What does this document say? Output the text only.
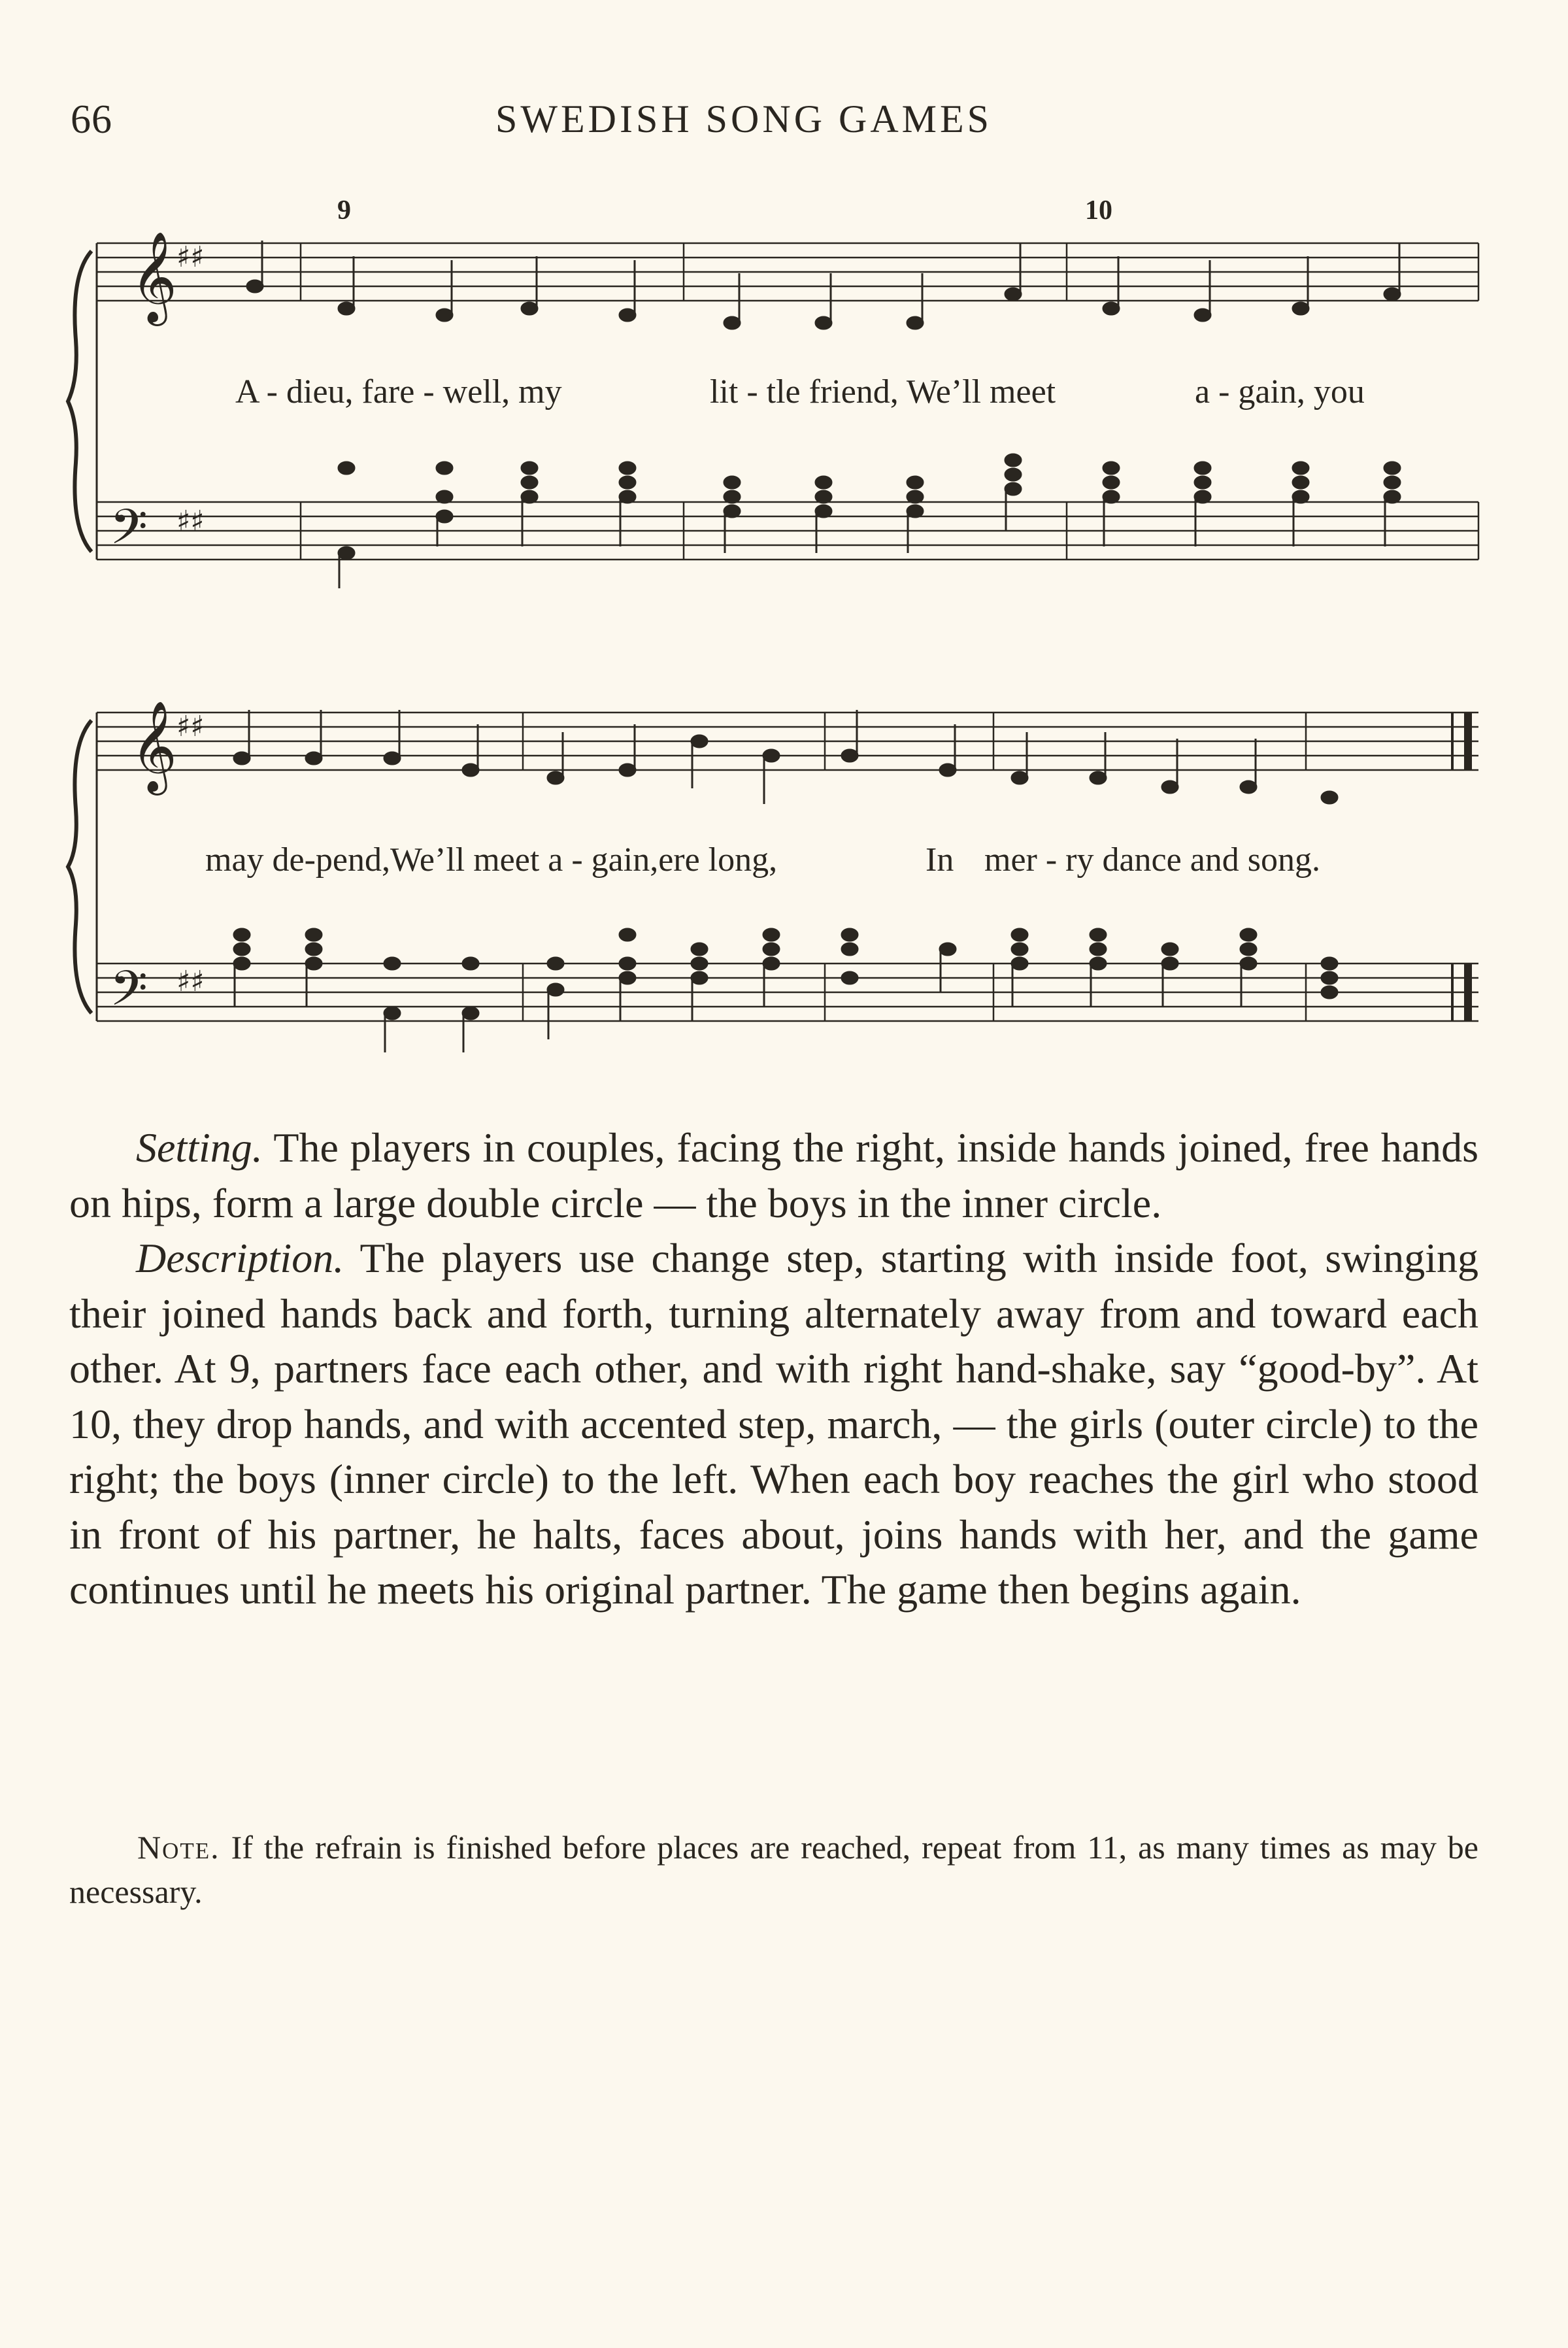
66	SWEDISH SONG GAMES
𝄞
𝄢
♯♯
♯♯
9	10
A - dieu, fare - well, my	lit - tle friend, We’ll meet	a - gain, you
𝄞
𝄢
♯♯
♯♯
may de-pend,We’ll meet a - gain,ere long,	In mer - ry dance and song.

Setting. The players in couples, facing the right, inside hands joined, free hands on hips, form a large double circle — the boys in the inner circle.

Description. The players use change step, starting with inside foot, swinging their joined hands back and forth, turning alternately away from and toward each other. At 9, partners face each other, and with right hand-shake, say “good-by”. At 10, they drop hands, and with accented step, march, — the girls (outer circle) to the right; the boys (inner circle) to the left. When each boy reaches the girl who stood in front of his partner, he halts, faces about, joins hands with her, and the game continues until he meets his original partner. The game then begins again.

Note. If the refrain is finished before places are reached, repeat from 11, as many times as may be necessary.
